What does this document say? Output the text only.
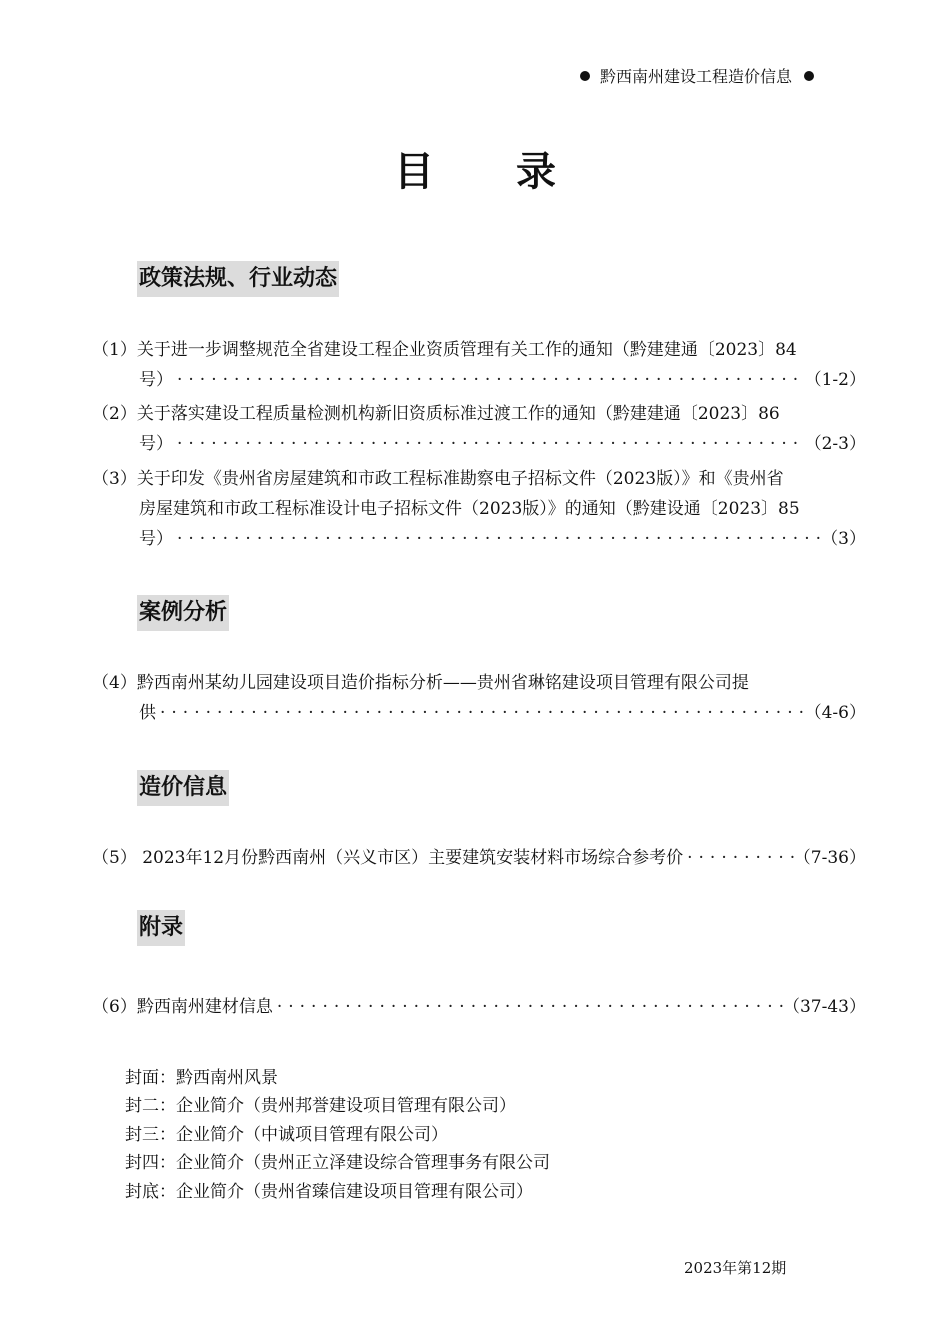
黔西南州建设工程造价信息
目 录
政策法规、行业动态
（1）关于进一步调整规范全省建设工程企业资质管理有关工作的通知（黔建建通〔2023〕84
号） ·····	（1-2）
（2）关于落实建设工程质量检测机构新旧资质标准过渡工作的通知（黔建建通〔2023〕86
号） ·····	（2-3）
（3）关于印发《贵州省房屋建筑和市政工程标准勘察电子招标文件（2023版）》和《贵州省
房屋建筑和市政工程标准设计电子招标文件（2023版）》的通知（黔建设通〔2023〕85
号） ·····	（3）
案例分析
（4）黔西南州某幼儿园建设项目造价指标分析——贵州省琳铭建设项目管理有限公司提
供 ·····	（4-6）
造价信息
（5） 2023年12月份黔西南州（兴义市区）主要建筑安装材料市场综合参考价 ·····	（7-36）
附录
（6）黔西南州建材信息 ·····	（37-43）
封面：黔西南州风景
封二：企业简介（贵州邦誉建设项目管理有限公司）
封三：企业简介（中诚项目管理有限公司）
封四：企业简介（贵州正立泽建设综合管理事务有限公司
封底：企业简介（贵州省臻信建设项目管理有限公司）
2023年第12期
